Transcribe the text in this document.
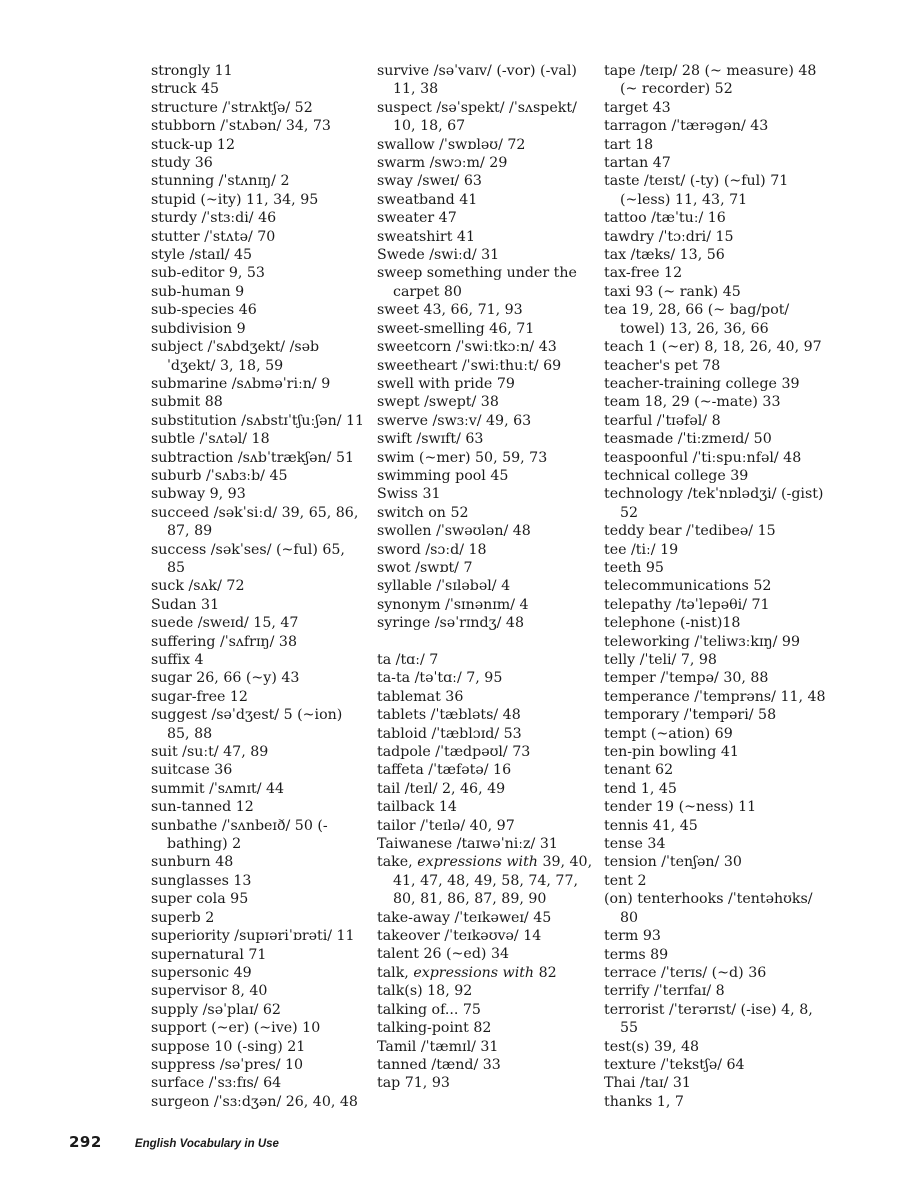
strongly 11
struck 45
structure /ˈstrʌktʃə/ 52
stubborn /ˈstʌbən/ 34, 73
stuck-up 12
study 36
stunning /ˈstʌnɪŋ/ 2
stupid (~ity) 11, 34, 95
sturdy /ˈstɜːdi/ 46
stutter /ˈstʌtə/ 70
style /staɪl/ 45
sub-editor 9, 53
sub-human 9
sub-species 46
subdivision 9
subject /ˈsʌbdʒekt/ /səbˈdʒekt/ 3, 18, 59
submarine /sʌbməˈriːn/ 9
submit 88
substitution /sʌbstɪˈtʃuːʃən/ 11
subtle /ˈsʌtəl/ 18
subtraction /sʌbˈtrækʃən/ 51
suburb /ˈsʌbɜːb/ 45
subway 9, 93
succeed /səkˈsiːd/ 39, 65, 86, 87, 89
success /səkˈses/ (~ful) 65, 85
suck /sʌk/ 72
Sudan 31
suede /sweɪd/ 15, 47
suffering /ˈsʌfrɪŋ/ 38
suffix 4
sugar 26, 66 (~y) 43
sugar-free 12
suggest /səˈdʒest/ 5 (~ion) 85, 88
suit /suːt/ 47, 89
suitcase 36
summit /ˈsʌmɪt/ 44
sun-tanned 12
sunbathe /ˈsʌnbeɪð/ 50 (-bathing) 2
sunburn 48
sunglasses 13
super cola 95
superb 2
superiority /supɪəriˈɒrəti/ 11
supernatural 71
supersonic 49
supervisor 8, 40
supply /səˈplaɪ/ 62
support (~er) (~ive) 10
suppose 10 (-sing) 21
suppress /səˈpres/ 10
surface /ˈsɜːfɪs/ 64
surgeon /ˈsɜːdʒən/ 26, 40, 48
survive /səˈvaɪv/ (-vor) (-val) 11, 38
suspect /səˈspekt/ /ˈsʌspekt/ 10, 18, 67
swallow /ˈswɒləʊ/ 72
swarm /swɔːm/ 29
sway /sweɪ/ 63
sweatband 41
sweater 47
sweatshirt 41
Swede /swiːd/ 31
sweep something under the carpet 80
sweet 43, 66, 71, 93
sweet-smelling 46, 71
sweetcorn /ˈswiːtkɔːn/ 43
sweetheart /ˈswiːthuːt/ 69
swell with pride 79
swept /swept/ 38
swerve /swɜːv/ 49, 63
swift /swɪft/ 63
swim (~mer) 50, 59, 73
swimming pool 45
Swiss 31
switch on 52
swollen /ˈswəʊlən/ 48
sword /sɔːd/ 18
swot /swɒt/ 7
syllable /ˈsɪləbəl/ 4
synonym /ˈsɪnənɪm/ 4
syringe /səˈrɪndʒ/ 48
ta /tɑː/ 7
ta-ta /təˈtɑː/ 7, 95
tablemat 36
tablets /ˈtæbləts/ 48
tabloid /ˈtæblɔɪd/ 53
tadpole /ˈtædpəʊl/ 73
taffeta /ˈtæfətə/ 16
tail /teɪl/ 2, 46, 49
tailback 14
tailor /ˈteɪlə/ 40, 97
Taiwanese /taɪwəˈniːz/ 31
take, expressions with 39, 40, 41, 47, 48, 49, 58, 74, 77, 80, 81, 86, 87, 89, 90
take-away /ˈteɪkəweɪ/ 45
takeover /ˈteɪkəʊvə/ 14
talent 26 (~ed) 34
talk, expressions with 82
talk(s) 18, 92
talking of... 75
talking-point 82
Tamil /ˈtæmɪl/ 31
tanned /tænd/ 33
tap 71, 93
tape /teɪp/ 28 (~ measure) 48 (~ recorder) 52
target 43
tarragon /ˈtærəgən/ 43
tart 18
tartan 47
taste /teɪst/ (-ty) (~ful) 71 (~less) 11, 43, 71
tattoo /tæˈtuː/ 16
tawdry /ˈtɔːdri/ 15
tax /tæks/ 13, 56
tax-free 12
taxi 93 (~ rank) 45
tea 19, 28, 66 (~ bag/pot/ towel) 13, 26, 36, 66
teach 1 (~er) 8, 18, 26, 40, 97
teacher's pet 78
teacher-training college 39
team 18, 29 (~-mate) 33
tearful /ˈtɪəfəl/ 8
teasmade /ˈtiːzmeɪd/ 50
teaspoonful /ˈtiːspuːnfəl/ 48
technical college 39
technology /tekˈnɒlədʒi/ (-gist) 52
teddy bear /ˈtedibeə/ 15
tee /tiː/ 19
teeth 95
telecommunications 52
telepathy /təˈlepəθi/ 71
telephone (-nist)18
teleworking /ˈteliwɜːkɪŋ/ 99
telly /ˈteli/ 7, 98
temper /ˈtempə/ 30, 88
temperance /ˈtemprəns/ 11, 48
temporary /ˈtempəri/ 58
tempt (~ation) 69
ten-pin bowling 41
tenant 62
tend 1, 45
tender 19 (~ness) 11
tennis 41, 45
tense 34
tension /ˈtenʃən/ 30
tent 2
(on) tenterhooks /ˈtentəhʊks/ 80
term 93
terms 89
terrace /ˈterɪs/ (~d) 36
terrify /ˈterɪfaɪ/ 8
terrorist /ˈterərɪst/ (-ise) 4, 8, 55
test(s) 39, 48
texture /ˈtekstʃə/ 64
Thai /taɪ/ 31
thanks 1, 7
292	English Vocabulary in Use
